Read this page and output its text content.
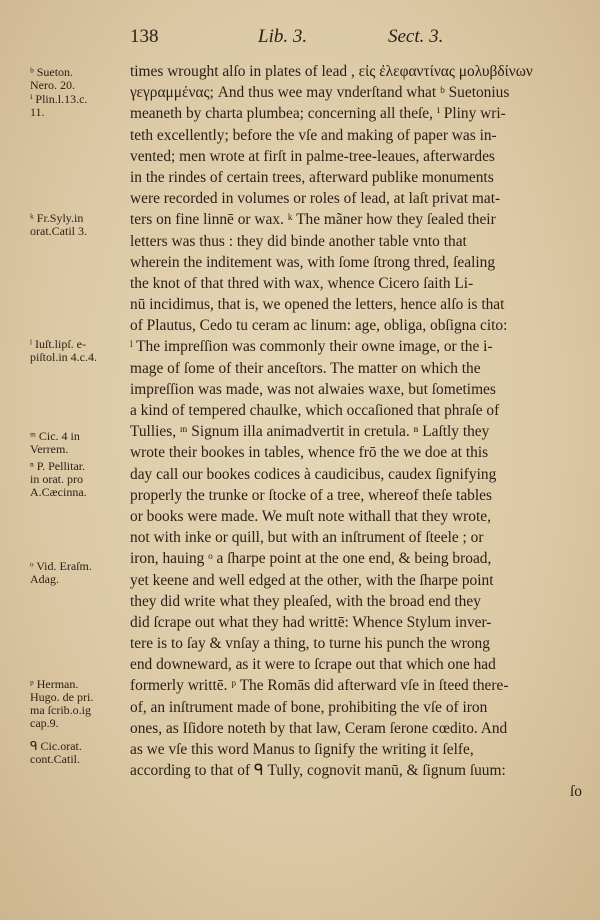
138	Lib. 3.	Sect. 3.
ᵇ Sueton.
Nero. 20.
ⁱ Plin.l.13.c.
11.
ᵏ Fr.Syly.in
orat.Catil 3.
ˡ Iuſt.lipſ. e-
piſtol.in 4.c.4.
ᵐ Cic. 4 in
Verrem.
ⁿ P. Pellitar.
in orat. pro
A.Cæcinna.
ᵒ Vid. Eraſm.
Adag.
ᵖ Herman.
Hugo. de pri.
ma ſcrib.o.ig
cap.9.
ᑫ Cic.orat.
cont.Catil.
times wrought alſo in plates of lead , εἰς ἐλεφαντίνας μολυβδίνων
γεγραμμένας; And thus wee may vnderſtand what ᵇ Suetonius
meaneth by charta plumbea; concerning all theſe, ⁱ Pliny wri-
teth excellently; before the vſe and making of paper was in-
vented; men wrote at firſt in palme-tree-leaues, afterwardes
in the rindes of certain trees, afterward publike monuments
were recorded in volumes or roles of lead, at laſt privat mat-
ters on fine linnē or wax. ᵏ The mãner how they ſealed their
letters was thus : they did binde another table vnto that
wherein the inditement was, with ſome ſtrong thred, ſealing
the knot of that thred with wax, whence Cicero ſaith Li-
nū incidimus, that is, we opened the letters, hence alſo is that
of Plautus, Cedo tu ceram ac linum: age, obliga, obſigna cito:
ˡ The impreſſion was commonly their owne image, or the i-
mage of ſome of their anceſtors. The matter on which the
impreſſion was made, was not alwaies waxe, but ſometimes
a kind of tempered chaulke, which occaſioned that phraſe of
Tullies, ᵐ Signum illa animadvertit in cretula. ⁿ Laſtly they
wrote their bookes in tables, whence frō the we doe at this
day call our bookes codices à caudicibus, caudex ſignifying
properly the trunke or ſtocke of a tree, whereof theſe tables
or books were made. We muſt note withall that they wrote,
not with inke or quill, but with an inſtrument of ſteele ; or
iron, hauing ᵒ a ſharpe point at the one end, & being broad,
yet keene and well edged at the other, with the ſharpe point
they did write what they pleaſed, with the broad end they
did ſcrape out what they had writtē: Whence Stylum inver-
tere is to ſay & vnſay a thing, to turne his punch the wrong
end downeward, as it were to ſcrape out that which one had
formerly writtē. ᵖ The Romās did afterward vſe in ſteed there-
of, an inſtrument made of bone, prohibiting the vſe of iron
ones, as Iſidore noteth by that law, Ceram ſerone cœdito. And
as we vſe this word Manus to ſignify the writing it ſelfe,
according to that of ᑫ Tully, cognovit manū, & ſignum ſuum:
ſo
